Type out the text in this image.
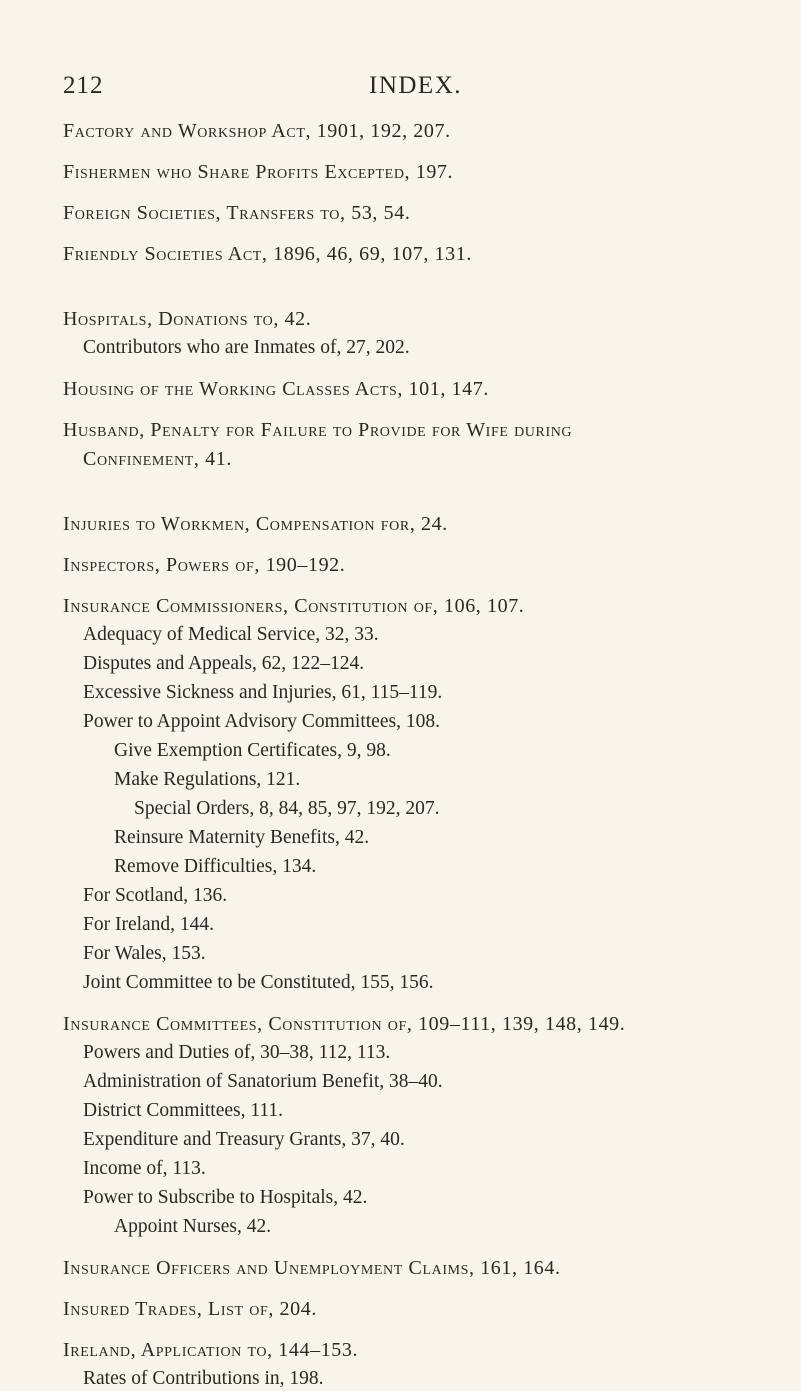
212	INDEX.
Factory and Workshop Act, 1901, 192, 207.
Fishermen who Share Profits Excepted, 197.
Foreign Societies, Transfers to, 53, 54.
Friendly Societies Act, 1896, 46, 69, 107, 131.
Hospitals, Donations to, 42.
Contributors who are Inmates of, 27, 202.
Housing of the Working Classes Acts, 101, 147.
Husband, Penalty for Failure to Provide for Wife during
Confinement, 41.
Injuries to Workmen, Compensation for, 24.
Inspectors, Powers of, 190–192.
Insurance Commissioners, Constitution of, 106, 107.
Adequacy of Medical Service, 32, 33.
Disputes and Appeals, 62, 122–124.
Excessive Sickness and Injuries, 61, 115–119.
Power to Appoint Advisory Committees, 108.
Give Exemption Certificates, 9, 98.
Make Regulations, 121.
Special Orders, 8, 84, 85, 97, 192, 207.
Reinsure Maternity Benefits, 42.
Remove Difficulties, 134.
For Scotland, 136.
For Ireland, 144.
For Wales, 153.
Joint Committee to be Constituted, 155, 156.
Insurance Committees, Constitution of, 109–111, 139, 148, 149.
Powers and Duties of, 30–38, 112, 113.
Administration of Sanatorium Benefit, 38–40.
District Committees, 111.
Expenditure and Treasury Grants, 37, 40.
Income of, 113.
Power to Subscribe to Hospitals, 42.
Appoint Nurses, 42.
Insurance Officers and Unemployment Claims, 161, 164.
Insured Trades, List of, 204.
Ireland, Application to, 144–153.
Rates of Contributions in, 198.
